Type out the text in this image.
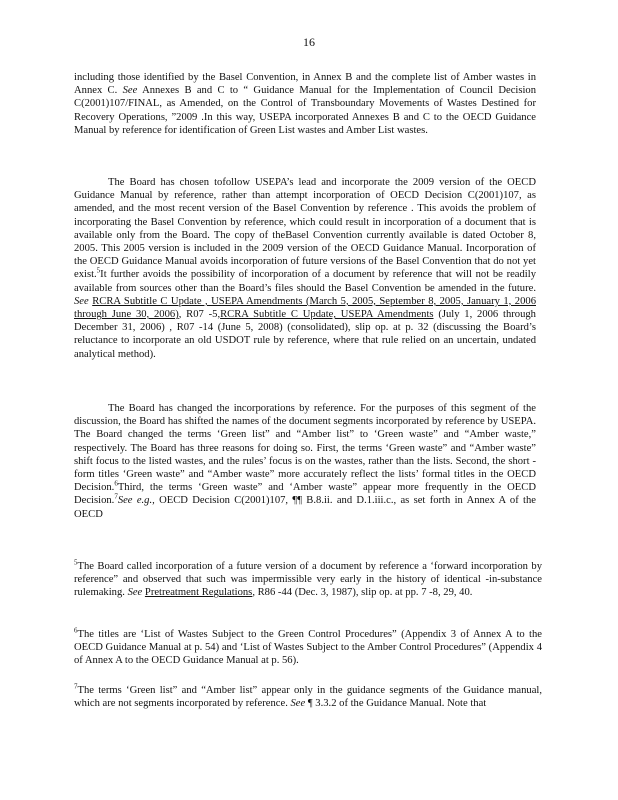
16
including those identified by the Basel Convention, in Annex B and the complete list of Amber wastes in Annex C. See Annexes B and C to “ Guidance Manual for the Implementation of Council Decision C(2001)107/FINAL, as Amended, on the Control of Transboundary Movements of Wastes Destined for Recovery Operations, ”2009 .In this way, USEPA incorporated Annexes B and C to the OECD Guidance Manual by reference for identification of Green List wastes and Amber List wastes.
The Board has chosen tofollow USEPA’s lead and incorporate the 2009 version of the OECD Guidance Manual by reference, rather than attempt incorporation of OECD Decision C(2001)107, as amended, and the most recent version of the Basel Convention by reference . This avoids the problem of incorporating the Basel Convention by reference, which could result in incorporation of a document that is available only from the Board. The copy of theBasel Convention currently available is dated October 8, 2005. This 2005 version is included in the 2009 version of the OECD Guidance Manual. Incorporation of the OECD Guidance Manual avoids incorporation of future versions of the Basel Convention that do not yet exist.$^5$It further avoids the possibility of incorporation of a document by reference that will not be readily available from sources other than the Board’s files should the Basel Convention be amended in the future. See RCRA Subtitle C Update , USEPA Amendments (March 5, 2005, September 8, 2005, January 1, 2006 through June 30, 2006), R07 -5,RCRA Subtitle C Update, USEPA Amendments (July 1, 2006 through December 31, 2006) , R07 -14 (June 5, 2008) (consolidated), slip op. at p. 32 (discussing the Board’s reluctance to incorporate an old USDOT rule by reference, where that rule relied on an uncertain, undated analytical method).
The Board has changed the incorporations by reference. For the purposes of this segment of the discussion, the Board has shifted the names of the document segments incorporated by reference by USEPA. The Board changed the terms ‘Green list” and “Amber list” to ‘Green waste” and “Amber waste,” respectively. The Board has three reasons for doing so. First, the terms ‘Green waste” and “Amber waste” shift focus to the listed wastes, and the rules’ focus is on the wastes, rather than the lists. Second, the short -form titles ‘Green waste” and “Amber waste” more accurately reflect the lists’ formal titles in the OECD Decision.$^6$Third, the terms ‘Green waste” and ‘Amber waste” appear more frequently in the OECD Decision.$^7$See e.g., OECD Decision C(2001)107, ¶¶ B.8.ii. and D.1.iii.c., as set forth in Annex A of the OECD
$^5$The Board called incorporation of a future version of a document by reference a ‘forward incorporation by reference” and observed that such was impermissible very early in the history of identical -in-substance rulemaking. See Pretreatment Regulations, R86 -44 (Dec. 3, 1987), slip op. at pp. 7 -8, 29, 40.
$^6$The titles are ‘List of Wastes Subject to the Green Control Procedures” (Appendix 3 of Annex A to the OECD Guidance Manual at p. 54) and ‘List of Wastes Subject to the Amber Control Procedures” (Appendix 4 of Annex A to the OECD Guidance Manual at p. 56).
$^7$The terms ‘Green list” and “Amber list” appear only in the guidance segments of the Guidance manual, which are not segments incorporated by reference. See ¶ 3.3.2 of the Guidance Manual. Note that
